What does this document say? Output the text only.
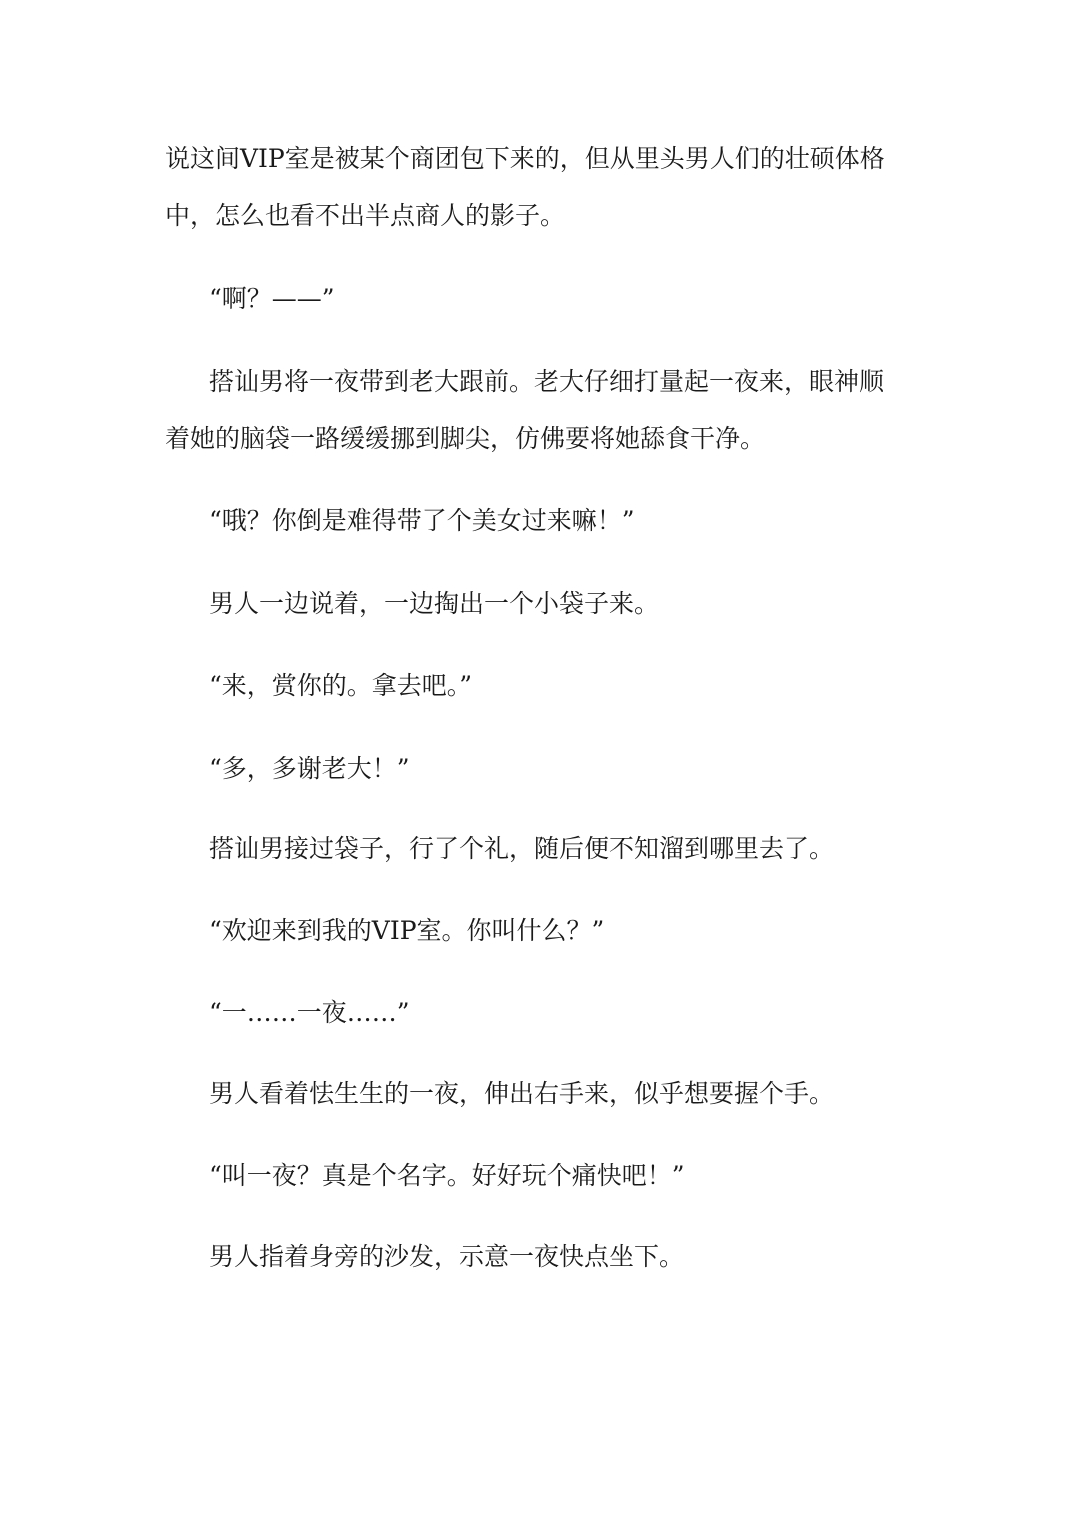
说这间VIP室是被某个商团包下来的，但从里头男人们的壮硕体格
中，怎么也看不出半点商人的影子。
“啊？——”
搭讪男将一夜带到老大跟前。老大仔细打量起一夜来，眼神顺
着她的脑袋一路缓缓挪到脚尖，仿佛要将她舔食干净。
“哦？你倒是难得带了个美女过来嘛！”
男人一边说着，一边掏出一个小袋子来。
“来，赏你的。拿去吧。”
“多，多谢老大！”
搭讪男接过袋子，行了个礼，随后便不知溜到哪里去了。
“欢迎来到我的VIP室。你叫什么？”
“一……一夜……”
男人看着怯生生的一夜，伸出右手来，似乎想要握个手。
“叫一夜？真是个名字。好好玩个痛快吧！”
男人指着身旁的沙发，示意一夜快点坐下。
